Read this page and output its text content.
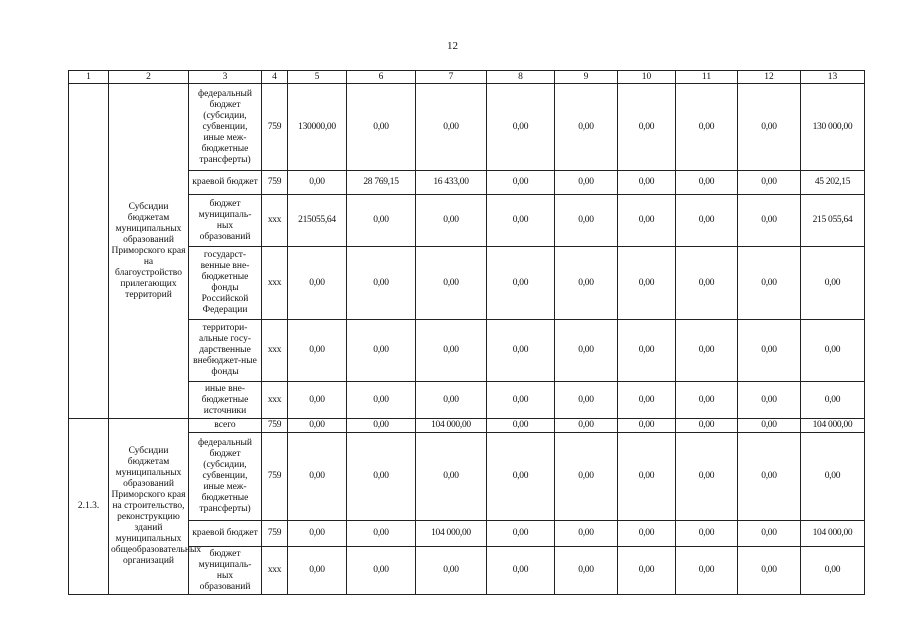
12
1	2	3	4	5	6	7	8	9	10	11	12	13
	Субсидии бюджетам муниципальных образований Приморского края на благоустройство прилегающих территорий	федеральный бюджет (субсидии, субвенции, иные меж-бюджетные трансферты)	759	130000,00	0,00	0,00	0,00	0,00	0,00	0,00	0,00	130 000,00
		краевой бюджет	759	0,00	28 769,15	16 433,00	0,00	0,00	0,00	0,00	0,00	45 202,15
		бюджет муниципаль-ных образований	xxx	215055,64	0,00	0,00	0,00	0,00	0,00	0,00	0,00	215 055,64
		государст-венные вне-бюджетные фонды Российской Федерации	xxx	0,00	0,00	0,00	0,00	0,00	0,00	0,00	0,00	0,00
		территори-альные госу-дарственные внебюджет-ные фонды	xxx	0,00	0,00	0,00	0,00	0,00	0,00	0,00	0,00	0,00
		иные вне-бюджетные источники	xxx	0,00	0,00	0,00	0,00	0,00	0,00	0,00	0,00	0,00
2.1.3.	Субсидии бюджетам муниципальных образований Приморского края на строительство, реконструкцию зданий муниципальных общеобразовательных организаций	всего	759	0,00	0,00	104 000,00	0,00	0,00	0,00	0,00	0,00	104 000,00
		федеральный бюджет (субсидии, субвенции, иные меж-бюджетные трансферты)	759	0,00	0,00	0,00	0,00	0,00	0,00	0,00	0,00	0,00
		краевой бюджет	759	0,00	0,00	104 000,00	0,00	0,00	0,00	0,00	0,00	104 000,00
		бюджет муниципаль-ных образований	xxx	0,00	0,00	0,00	0,00	0,00	0,00	0,00	0,00	0,00
